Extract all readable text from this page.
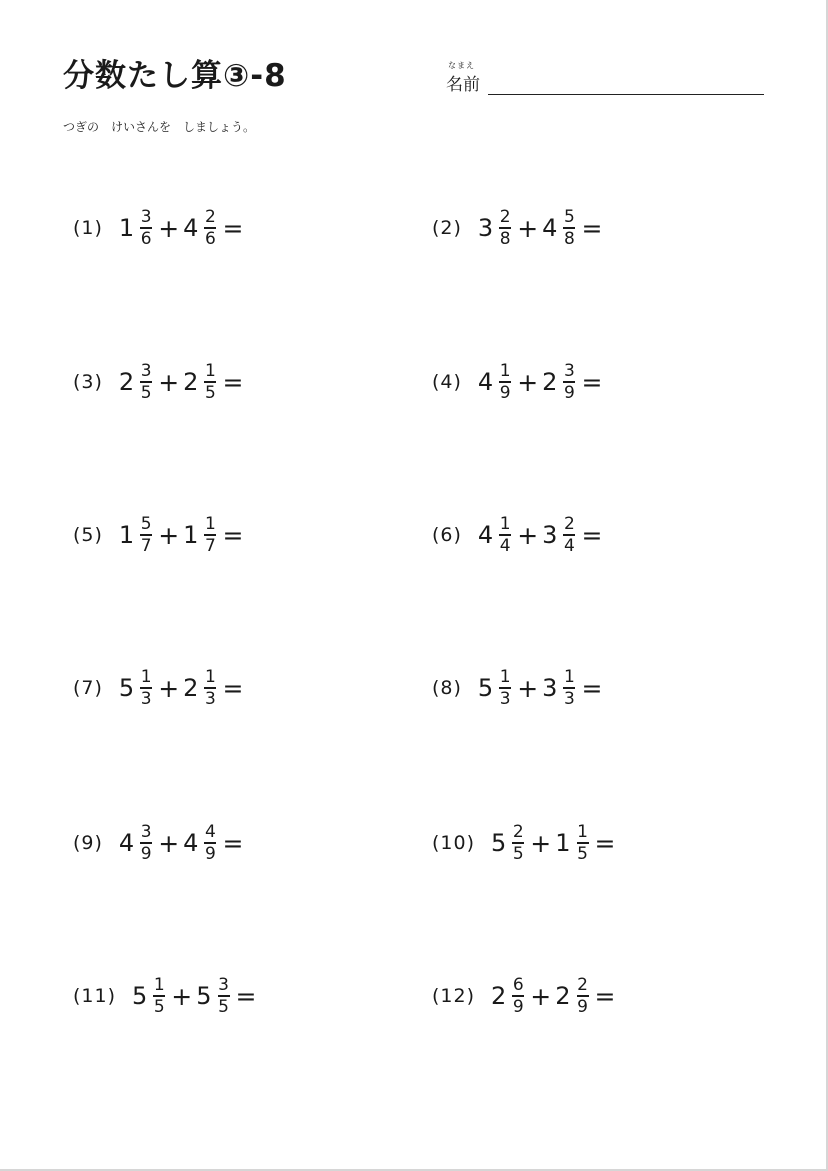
分数たし算③-8	なまえ
名前
つぎの　けいさんを　しましょう。
(1) $1 \frac{3}{6} + 4 \frac{2}{6}$ =	(2) $3 \frac{2}{8} + 4 \frac{5}{8}$ =
(3) $2 \frac{3}{5} + 2 \frac{1}{5}$ =	(4) $4 \frac{1}{9} + 2 \frac{3}{9}$ =
(5) $1 \frac{5}{7} + 1 \frac{1}{7}$ =	(6) $4 \frac{1}{4} + 3 \frac{2}{4}$ =
(7) $5 \frac{1}{3} + 2 \frac{1}{3}$ =	(8) $5 \frac{1}{3} + 3 \frac{1}{3}$ =
(9) $4 \frac{3}{9} + 4 \frac{4}{9}$ =	(10) $5 \frac{2}{5} + 1 \frac{1}{5}$ =
(11) $5 \frac{1}{5} + 5 \frac{3}{5}$ =	(12) $2 \frac{6}{9} + 2 \frac{2}{9}$ =
